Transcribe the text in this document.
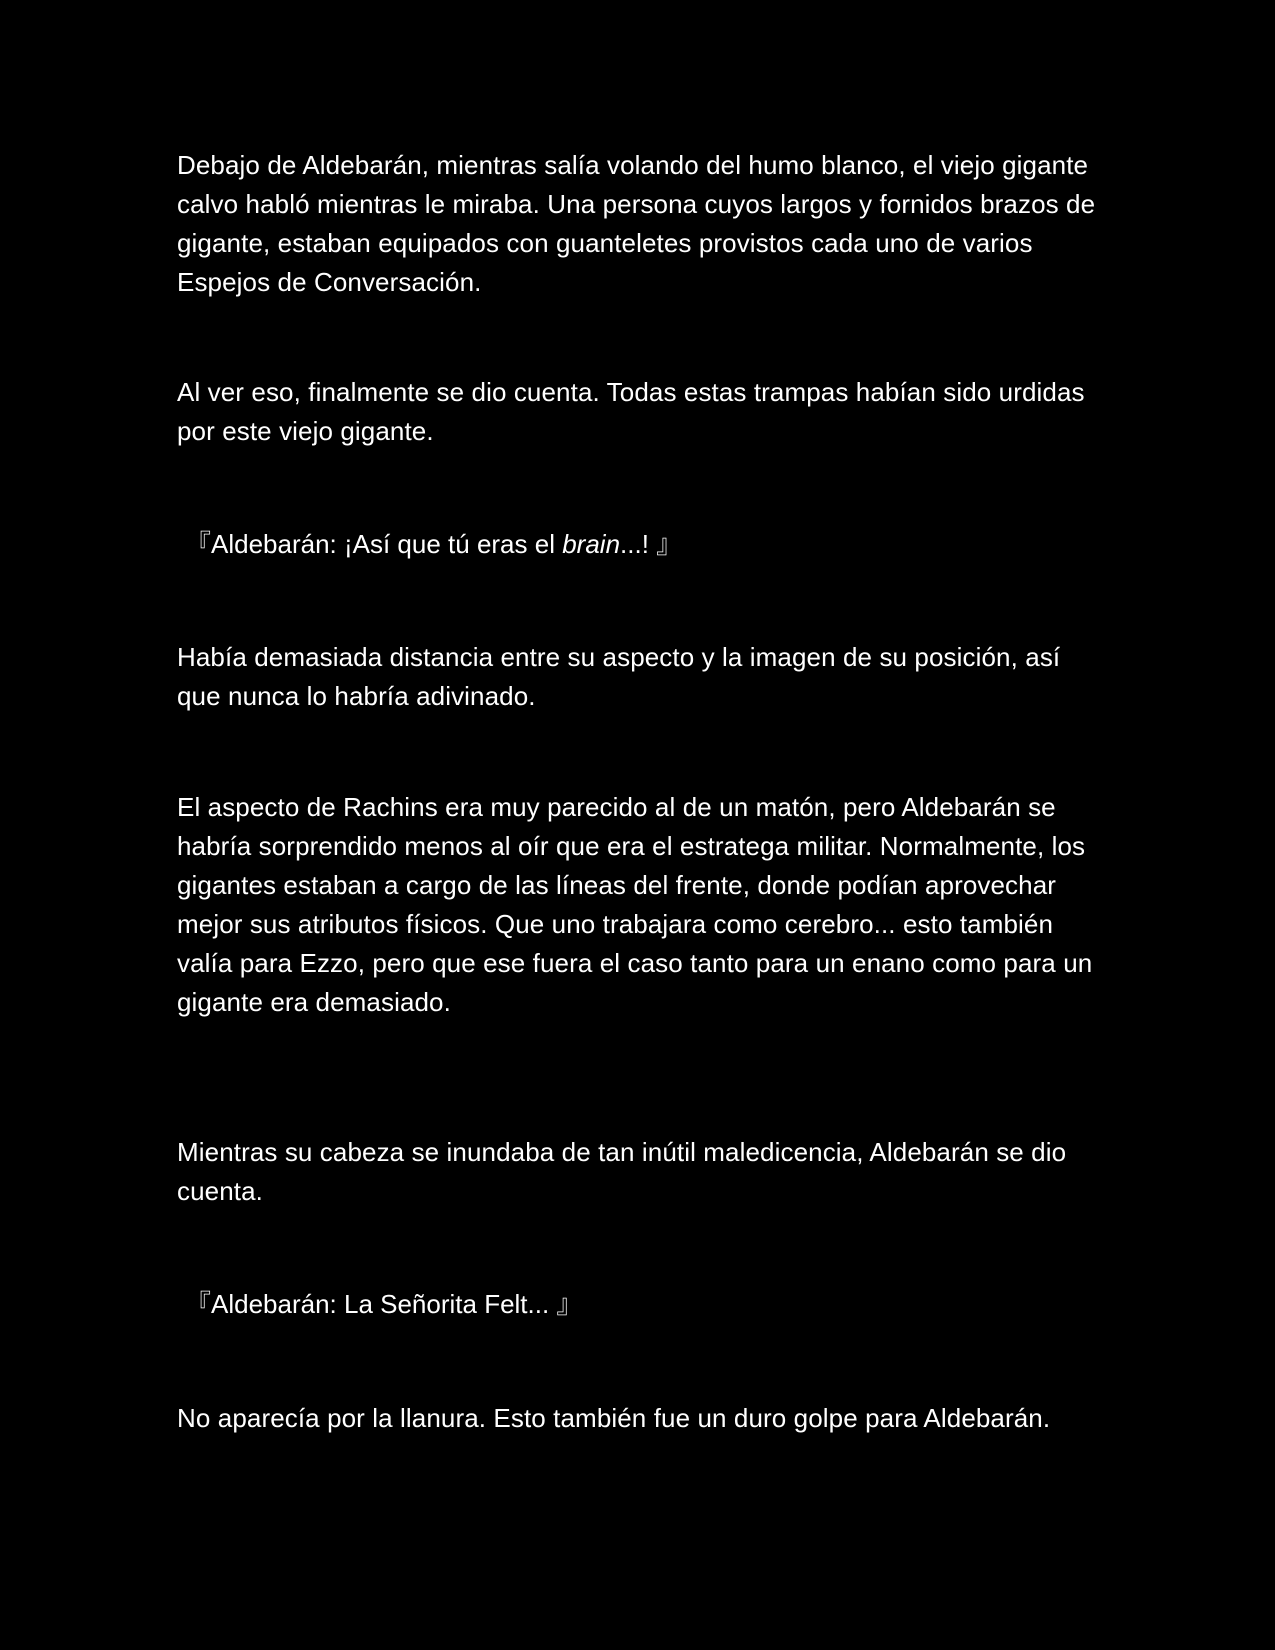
Debajo de Aldebarán, mientras salía volando del humo blanco, el viejo gigante calvo habló mientras le miraba. Una persona cuyos largos y fornidos brazos de gigante, estaban equipados con guanteletes provistos cada uno de varios Espejos de Conversación.

Al ver eso, finalmente se dio cuenta. Todas estas trampas habían sido urdidas por este viejo gigante.

『Aldebarán: ¡Así que tú eras el brain...! 』

Había demasiada distancia entre su aspecto y la imagen de su posición, así que nunca lo habría adivinado.

El aspecto de Rachins era muy parecido al de un matón, pero Aldebarán se habría sorprendido menos al oír que era el estratega militar. Normalmente, los gigantes estaban a cargo de las líneas del frente, donde podían aprovechar mejor sus atributos físicos. Que uno trabajara como cerebro... esto también valía para Ezzo, pero que ese fuera el caso tanto para un enano como para un gigante era demasiado.

Mientras su cabeza se inundaba de tan inútil maledicencia, Aldebarán se dio cuenta.

『Aldebarán: La Señorita Felt... 』

No aparecía por la llanura. Esto también fue un duro golpe para Aldebarán.
